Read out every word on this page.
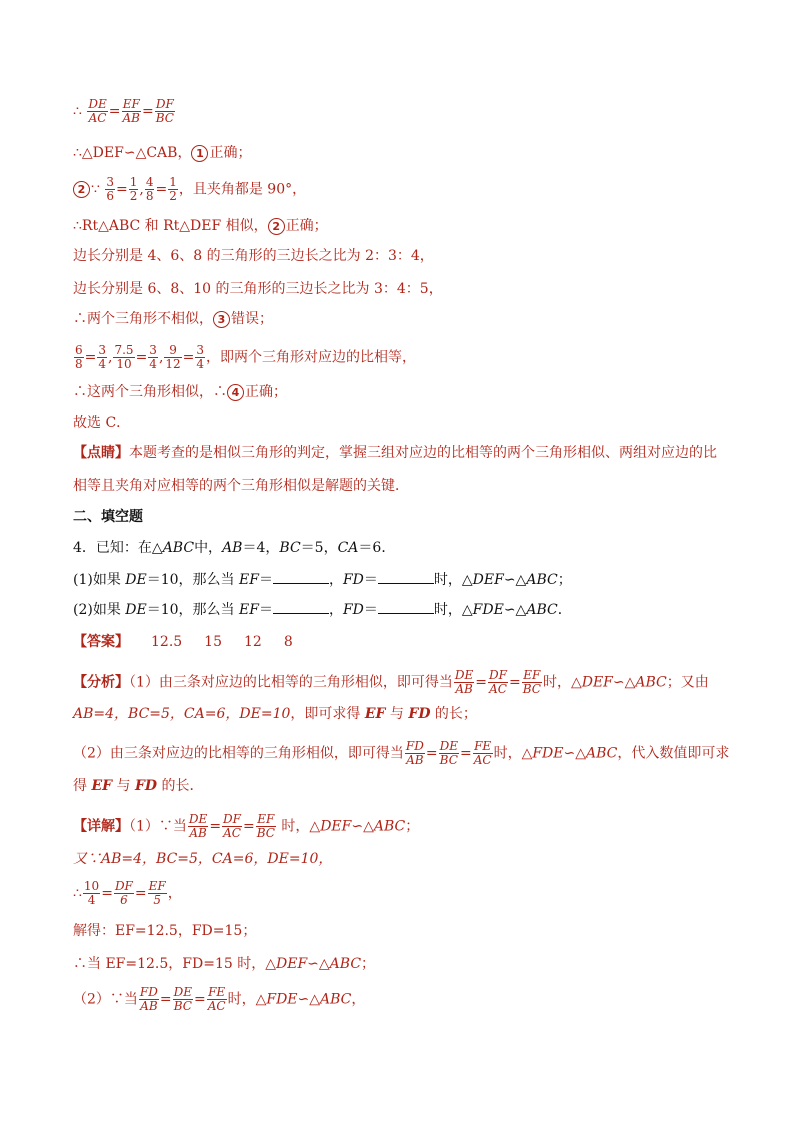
∴ $\frac{DE}{AC} = \frac{EF}{AB} = \frac{DF}{BC}$
∴△DEF∽△CAB， 1 正确；
2 ∵ $\frac{3}{6} = \frac{1}{2}$ , $\frac{4}{8} = \frac{1}{2}$ ，且夹角都是 90°，
∴Rt△ABC 和 Rt△DEF 相似， 2 正确；
边长分别是 4、6、8 的三角形的三边长之比为 2：3：4，
边长分别是 6、8、10 的三角形的三边长之比为 3：4：5，
∴两个三角形不相似， 3 错误；
$\frac{6}{8} = \frac{3}{4}$ , $\frac{7.5}{10} = \frac{3}{4}$ , $\frac{9}{12} = \frac{3}{4}$ ，即两个三角形对应边的比相等，
∴这两个三角形相似，∴ 4 正确；
故选 C．
【点睛】本题考查的是相似三角形的判定，掌握三组对应边的比相等的两个三角形相似、两组对应边的比
相等且夹角对应相等的两个三角形相似是解题的关键．
二、填空题
4．已知：在△ABC中，AB＝4，BC＝5，CA＝6．
(1)如果 DE＝10，那么当 EF＝	，FD＝	时，△DEF∽△ABC；
(2)如果 DE＝10，那么当 EF＝	，FD＝	时，△FDE∽△ABC．
【答案】 12.5 15 12 8
【分析】（1）由三条对应边的比相等的三角形相似，即可得当 $\frac{DE}{AB} = \frac{DF}{AC} = \frac{EF}{BC}$ 时，△DEF∽△ABC；又由
AB=4，BC=5，CA=6，DE=10，即可求得 EF 与 FD 的长；
（2）由三条对应边的比相等的三角形相似，即可得当 $\frac{FD}{AB} = \frac{DE}{BC} = \frac{FE}{AC}$ 时，△FDE∽△ABC，代入数值即可求
得 EF 与 FD 的长．
【详解】（1）∵当 $\frac{DE}{AB} = \frac{DF}{AC} = \frac{EF}{BC}$ 时，△DEF∽△ABC；
又∵AB=4，BC=5，CA=6，DE=10，
∴ $\frac{10}{4} = \frac{DF}{6} = \frac{EF}{5}$ ，
解得：EF=12.5，FD=15；
∴当 EF=12.5，FD=15 时，△DEF∽△ABC；
（2）∵当 $\frac{FD}{AB} = \frac{DE}{BC} = \frac{FE}{AC}$ 时，△FDE∽△ABC，
